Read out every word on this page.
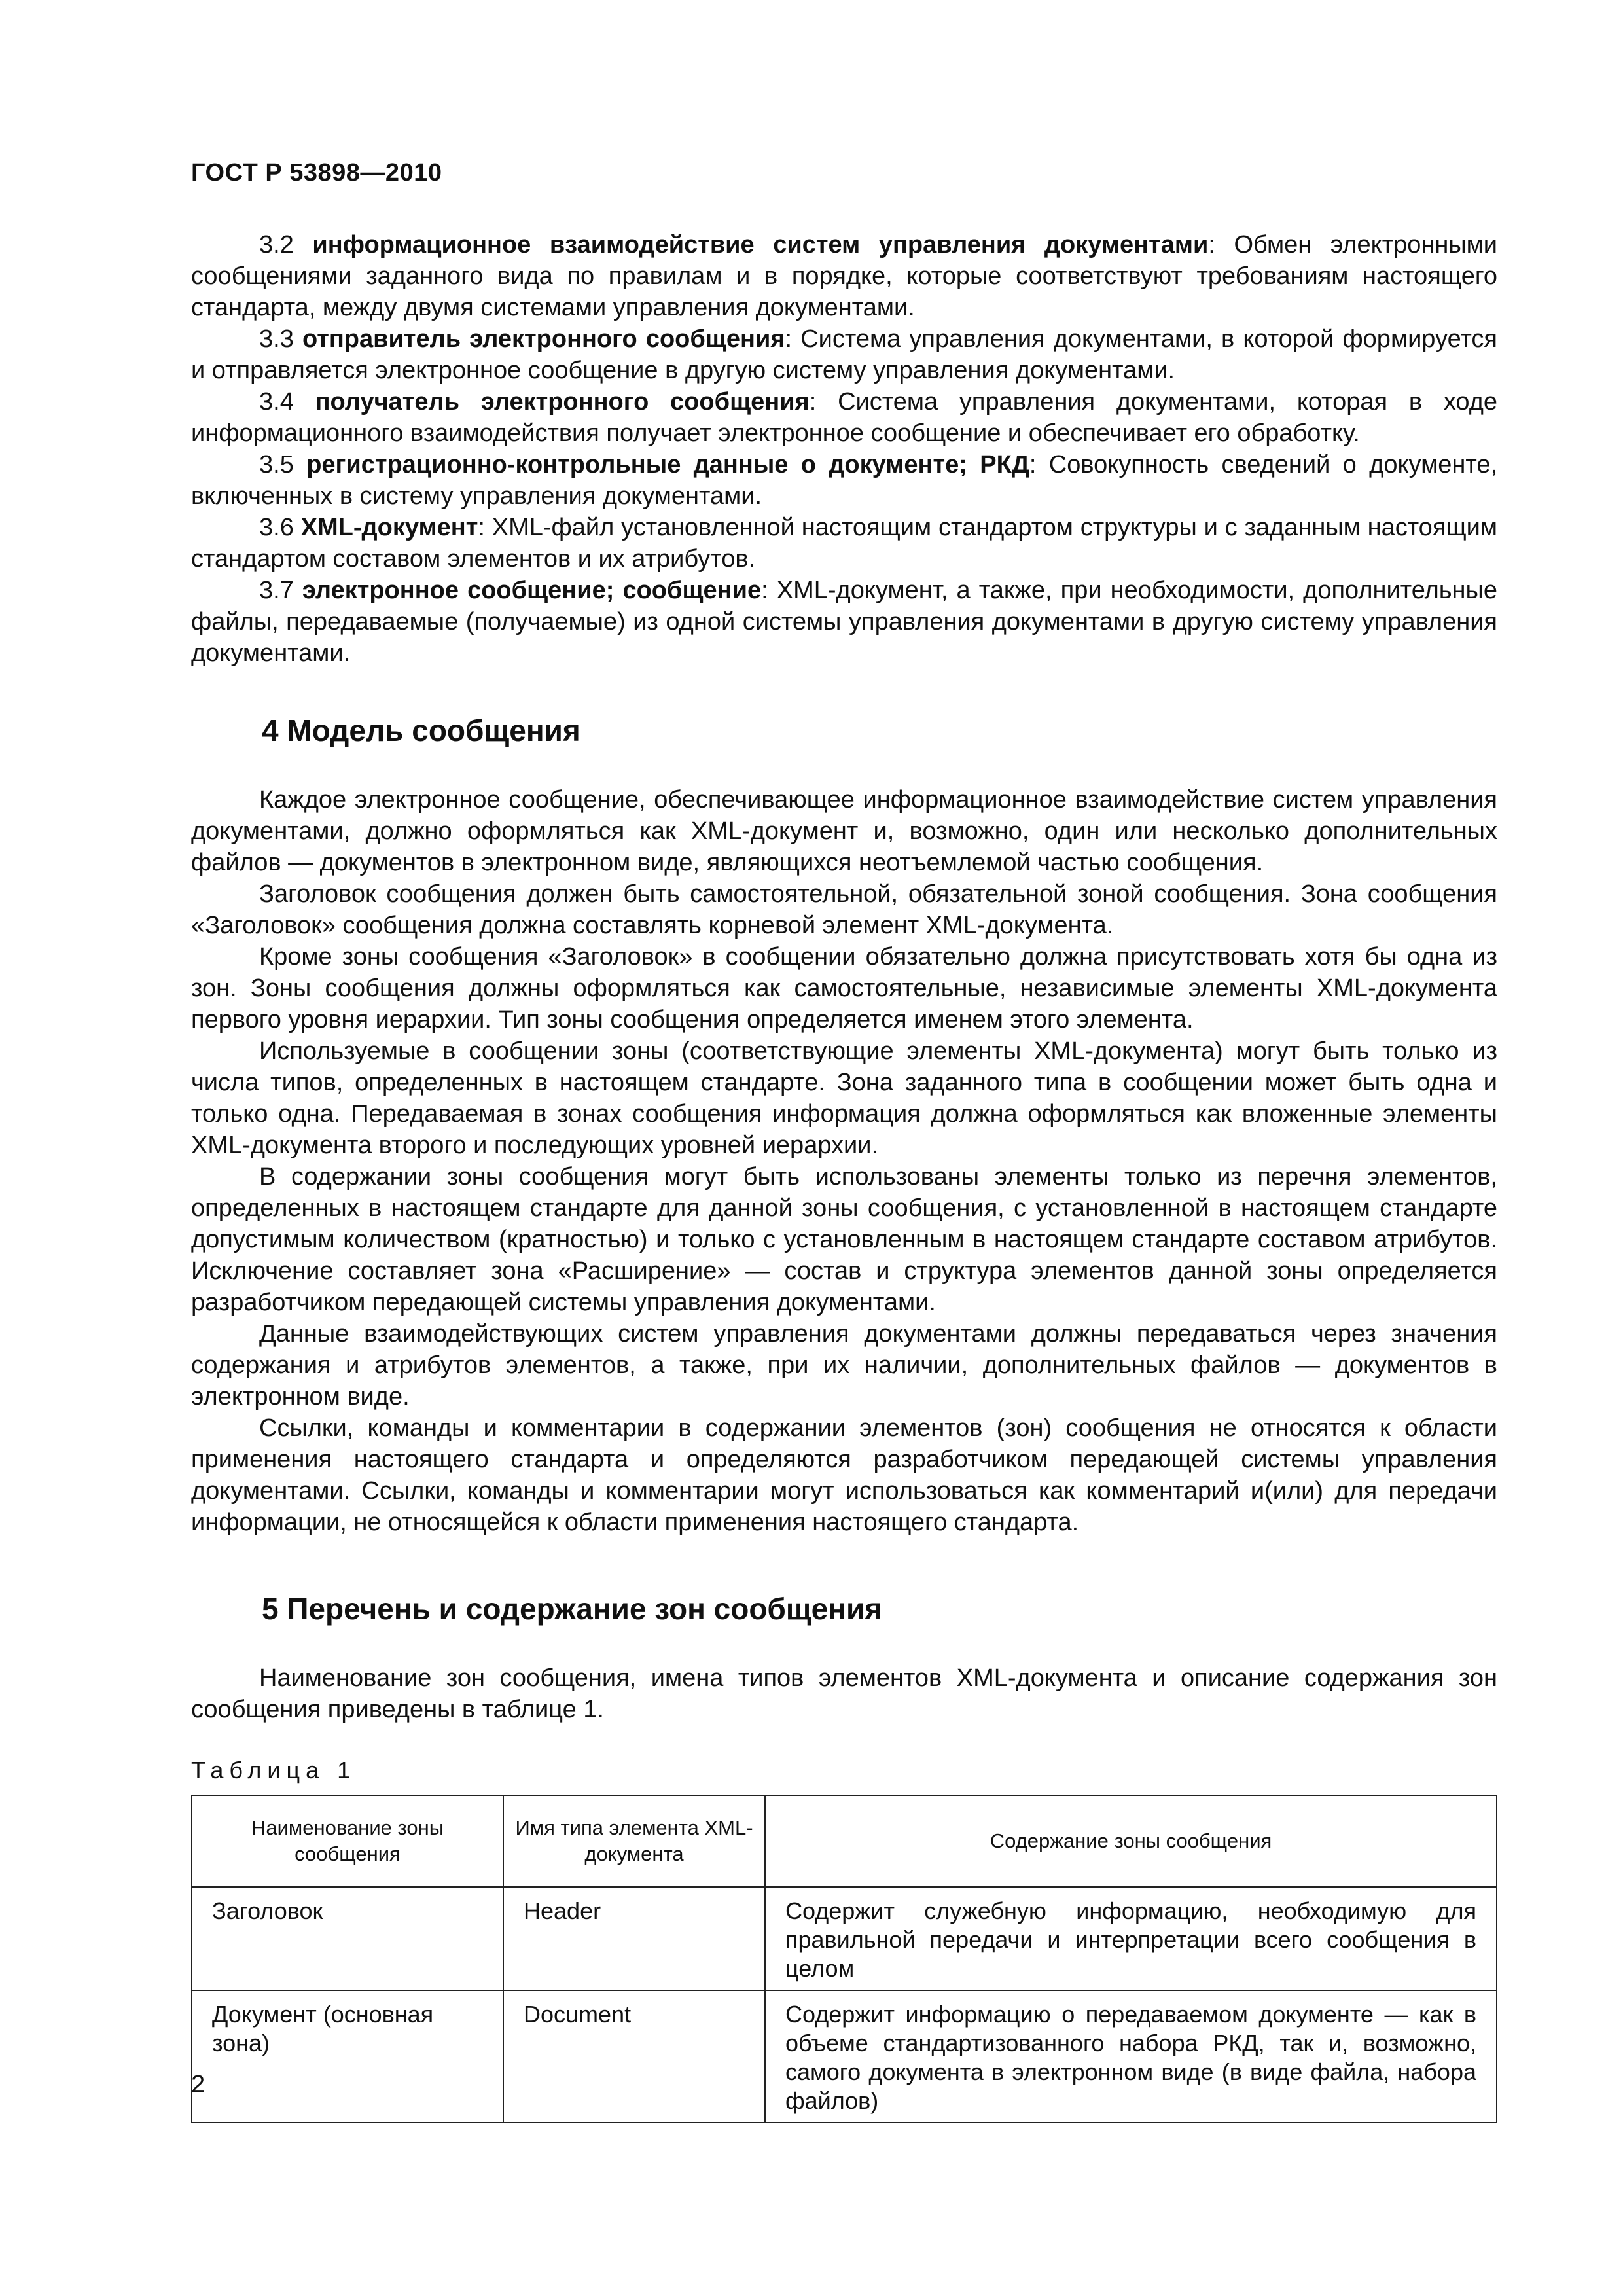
ГОСТ Р 53898—2010

3.2 информационное взаимодействие систем управления документами: Обмен электронными сообщениями заданного вида по правилам и в порядке, которые соответствуют требованиям настоящего стандарта, между двумя системами управления документами.

3.3 отправитель электронного сообщения: Система управления документами, в которой формируется и отправляется электронное сообщение в другую систему управления документами.

3.4 получатель электронного сообщения: Система управления документами, которая в ходе информационного взаимодействия получает электронное сообщение и обеспечивает его обработку.

3.5 регистрационно-контрольные данные о документе; РКД: Совокупность сведений о документе, включенных в систему управления документами.

3.6 XML-документ: XML-файл установленной настоящим стандартом структуры и с заданным настоящим стандартом составом элементов и их атрибутов.

3.7 электронное сообщение; сообщение: XML-документ, а также, при необходимости, дополнительные файлы, передаваемые (получаемые) из одной системы управления документами в другую систему управления документами.

4 Модель сообщения

Каждое электронное сообщение, обеспечивающее информационное взаимодействие систем управления документами, должно оформляться как XML-документ и, возможно, один или несколько дополнительных файлов — документов в электронном виде, являющихся неотъемлемой частью сообщения.

Заголовок сообщения должен быть самостоятельной, обязательной зоной сообщения. Зона сообщения «Заголовок» сообщения должна составлять корневой элемент XML-документа.

Кроме зоны сообщения «Заголовок» в сообщении обязательно должна присутствовать хотя бы одна из зон. Зоны сообщения должны оформляться как самостоятельные, независимые элементы XML-документа первого уровня иерархии. Тип зоны сообщения определяется именем этого элемента.

Используемые в сообщении зоны (соответствующие элементы XML-документа) могут быть только из числа типов, определенных в настоящем стандарте. Зона заданного типа в сообщении может быть одна и только одна. Передаваемая в зонах сообщения информация должна оформляться как вложенные элементы XML-документа второго и последующих уровней иерархии.

В содержании зоны сообщения могут быть использованы элементы только из перечня элементов, определенных в настоящем стандарте для данной зоны сообщения, с установленной в настоящем стандарте допустимым количеством (кратностью) и только с установленным в настоящем стандарте составом атрибутов. Исключение составляет зона «Расширение» — состав и структура элементов данной зоны определяется разработчиком передающей системы управления документами.

Данные взаимодействующих систем управления документами должны передаваться через значения содержания и атрибутов элементов, а также, при их наличии, дополнительных файлов — документов в электронном виде.

Ссылки, команды и комментарии в содержании элементов (зон) сообщения не относятся к области применения настоящего стандарта и определяются разработчиком передающей системы управления документами. Ссылки, команды и комментарии могут использоваться как комментарий и(или) для передачи информации, не относящейся к области применения настоящего стандарта.

5 Перечень и содержание зон сообщения

Наименование зон сообщения, имена типов элементов XML-документа и описание содержания зон сообщения приведены в таблице 1.

Таблица 1
Наименование зоны сообщения	Имя типа элемента XML-документа	Содержание зоны сообщения
Заголовок	Header	Содержит служебную информацию, необходимую для правильной передачи и интерпретации всего сообщения в целом
Документ (основная зона)	Document	Содержит информацию о передаваемом документе — как в объеме стандартизованного набора РКД, так и, возможно, самого документа в электронном виде (в виде файла, набора файлов)
2
